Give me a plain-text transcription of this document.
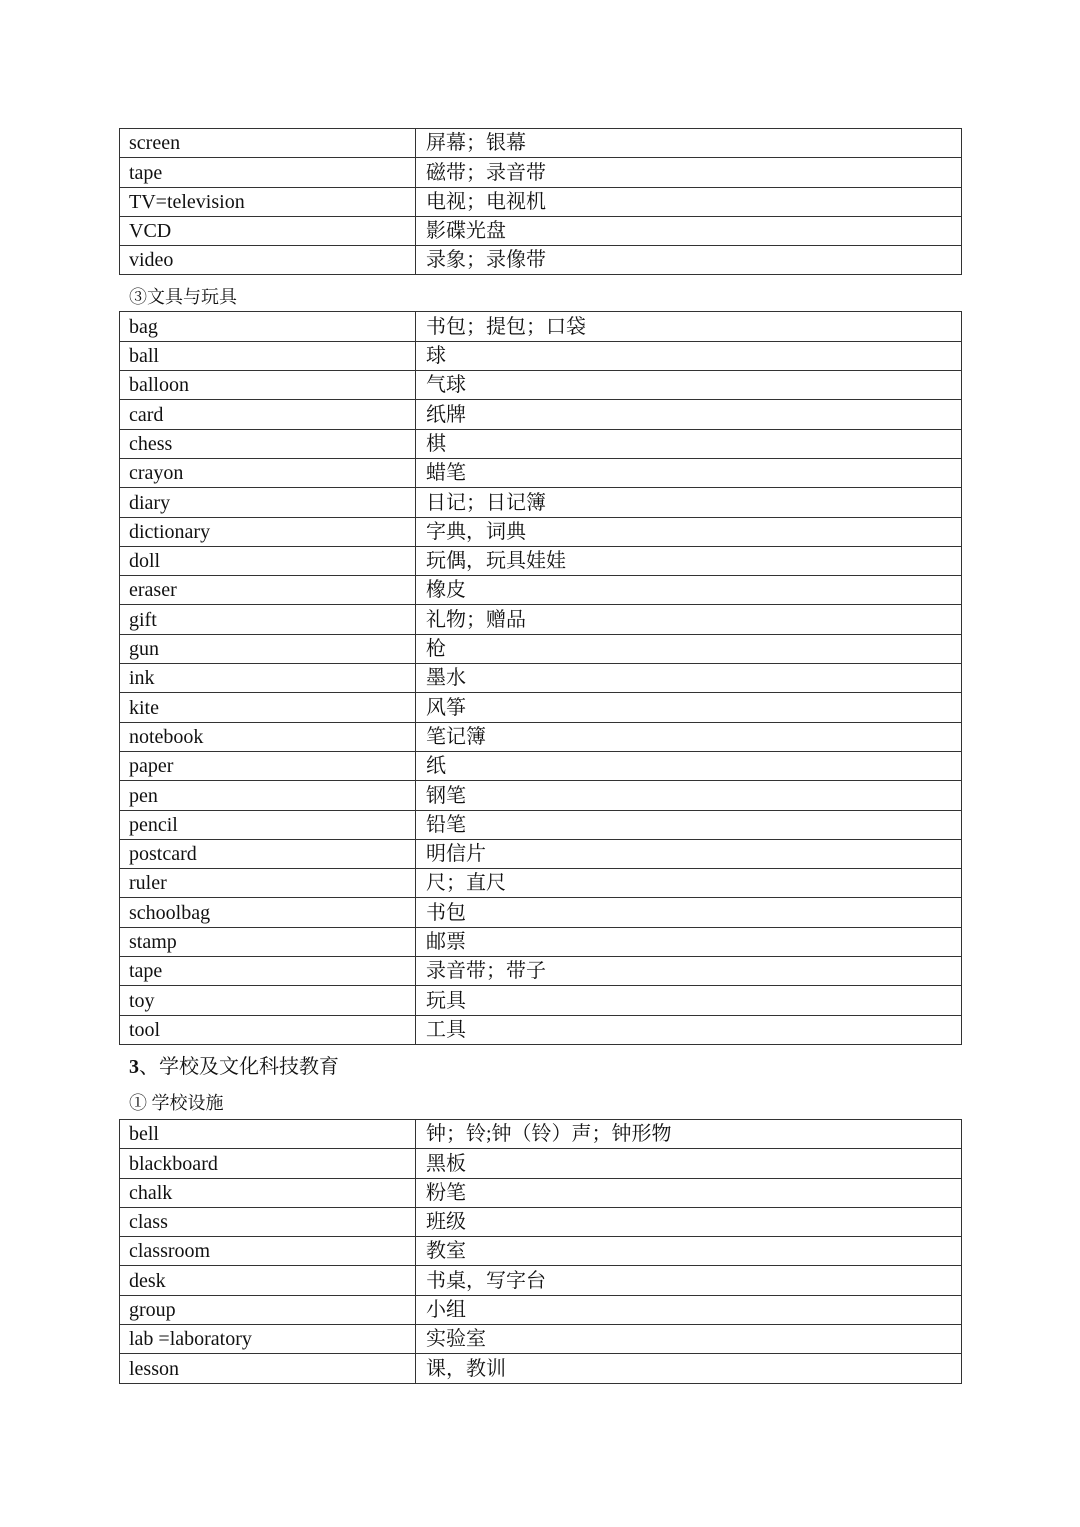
screen	屏幕；银幕
tape	磁带；录音带
TV=television	电视；电视机
VCD	影碟光盘
video	录象；录像带
③文具与玩具
bag	书包；提包；口袋
ball	球
balloon	气球
card	纸牌
chess	棋
crayon	蜡笔
diary	日记；日记簿
dictionary	字典，词典
doll	玩偶，玩具娃娃
eraser	橡皮
gift	礼物；赠品
gun	枪
ink	墨水
kite	风筝
notebook	笔记簿
paper	纸
pen	钢笔
pencil	铅笔
postcard	明信片
ruler	尺；直尺
schoolbag	书包
stamp	邮票
tape	录音带；带子
toy	玩具
tool	工具
3、学校及文化科技教育
① 学校设施
bell	钟；铃;钟（铃）声；钟形物
blackboard	黑板
chalk	粉笔
class	班级
classroom	教室
desk	书桌，写字台
group	小组
lab =laboratory	实验室
lesson	课，教训
